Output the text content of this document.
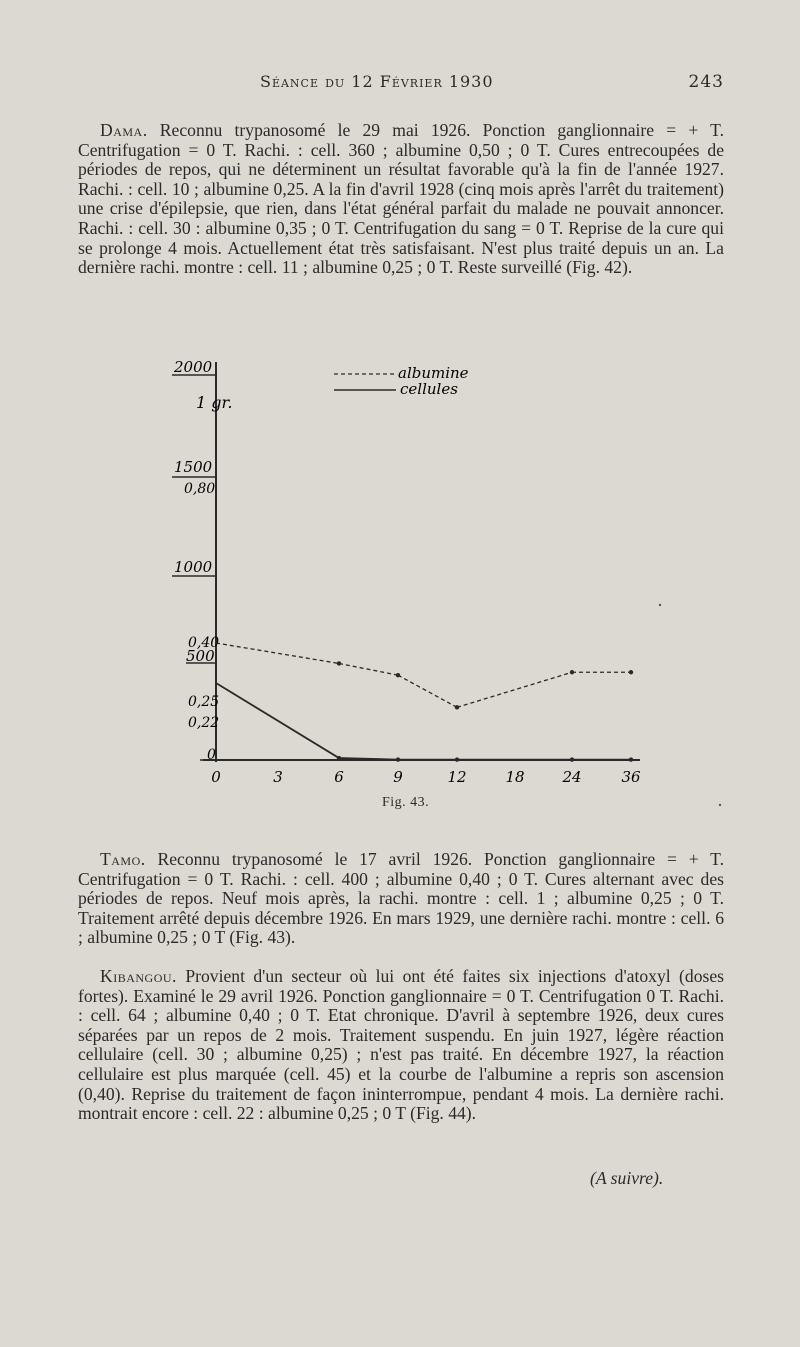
Séance du 12 Février 1930	243

Dama. Reconnu trypanosomé le 29 mai 1926. Ponction ganglionnaire = + T. Centrifugation = 0 T. Rachi. : cell. 360 ; albumine 0,50 ; 0 T. Cures entrecoupées de périodes de repos, qui ne déterminent un résultat favorable qu'à la fin de l'année 1927. Rachi. : cell. 10 ; albumine 0,25. A la fin d'avril 1928 (cinq mois après l'arrêt du traitement) une crise d'épilepsie, que rien, dans l'état général parfait du malade ne pouvait annoncer. Rachi. : cell. 30 : albumine 0,35 ; 0 T. Centrifugation du sang = 0 T. Reprise de la cure qui se prolonge 4 mois. Actuellement état très satisfaisant. N'est plus traité depuis un an. La dernière rachi. montre : cell. 11 ; albumine 0,25 ; 0 T. Reste surveillé (Fig. 42).

2000
1 gr.
1500
0,80
1000
0,40
500
0,25
0,22
0
0	3	6	9	12	18	24	36
albumine
cellules
Fig. 43.

Tamo. Reconnu trypanosomé le 17 avril 1926. Ponction ganglionnaire = + T. Centrifugation = 0 T. Rachi. : cell. 400 ; albumine 0,40 ; 0 T. Cures alternant avec des périodes de repos. Neuf mois après, la rachi. montre : cell. 1 ; albumine 0,25 ; 0 T. Traitement arrêté depuis décembre 1926. En mars 1929, une dernière rachi. montre : cell. 6 ; albumine 0,25 ; 0 T (Fig. 43).

Kibangou. Provient d'un secteur où lui ont été faites six injections d'atoxyl (doses fortes). Examiné le 29 avril 1926. Ponction ganglionnaire = 0 T. Centrifugation 0 T. Rachi. : cell. 64 ; albumine 0,40 ; 0 T. Etat chronique. D'avril à septembre 1926, deux cures séparées par un repos de 2 mois. Traitement suspendu. En juin 1927, légère réaction cellulaire (cell. 30 ; albumine 0,25) ; n'est pas traité. En décembre 1927, la réaction cellulaire est plus marquée (cell. 45) et la courbe de l'albumine a repris son ascension (0,40). Reprise du traitement de façon ininterrompue, pendant 4 mois. La dernière rachi. montrait encore : cell. 22 : albumine 0,25 ; 0 T (Fig. 44).

(A suivre).
